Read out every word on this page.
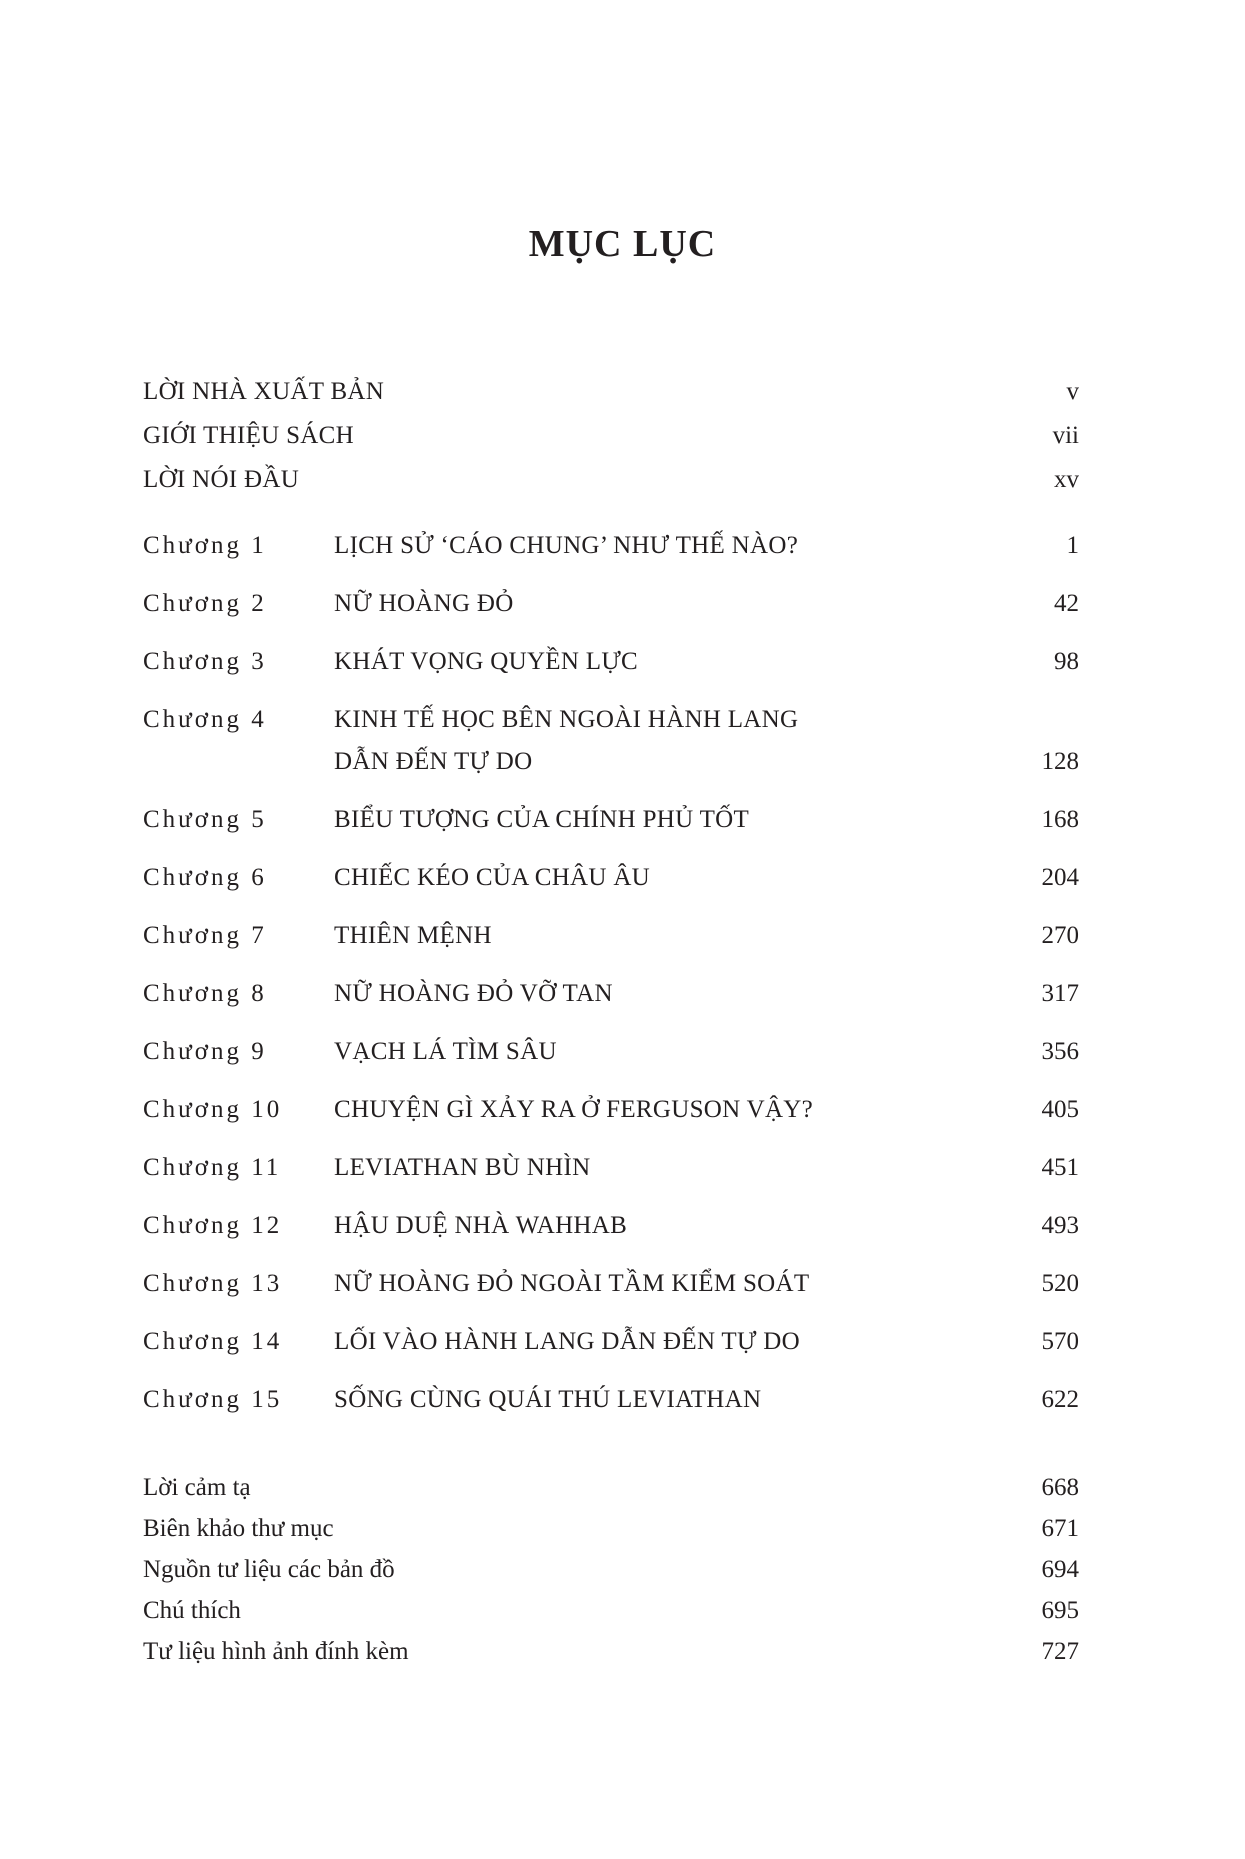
MỤC LỤC
LỜI NHÀ XUẤT BẢN	v
GIỚI THIỆU SÁCH	vii
LỜI NÓI ĐẦU	xv
Chương 1	LỊCH SỬ ‘CÁO CHUNG’ NHƯ THẾ NÀO?	1
Chương 2	NỮ HOÀNG ĐỎ	42
Chương 3	KHÁT VỌNG QUYỀN LỰC	98
Chương 4	KINH TẾ HỌC BÊN NGOÀI HÀNH LANG
DẪN ĐẾN TỰ DO	128
Chương 5	BIỂU TƯỢNG CỦA CHÍNH PHỦ TỐT	168
Chương 6	CHIẾC KÉO CỦA CHÂU ÂU	204
Chương 7	THIÊN MỆNH	270
Chương 8	NỮ HOÀNG ĐỎ VỠ TAN	317
Chương 9	VẠCH LÁ TÌM SÂU	356
Chương 10 CHUYỆN GÌ XẢY RA Ở FERGUSON VẬY?	405
Chương 11 LEVIATHAN BÙ NHÌN	451
Chương 12 HẬU DUỆ NHÀ WAHHAB	493
Chương 13 NỮ HOÀNG ĐỎ NGOÀI TẦM KIỂM SOÁT	520
Chương 14 LỐI VÀO HÀNH LANG DẪN ĐẾN TỰ DO	570
Chương 15 SỐNG CÙNG QUÁI THÚ LEVIATHAN	622
Lời cảm tạ	668
Biên khảo thư mục	671
Nguồn tư liệu các bản đồ	694
Chú thích	695
Tư liệu hình ảnh đính kèm	727
